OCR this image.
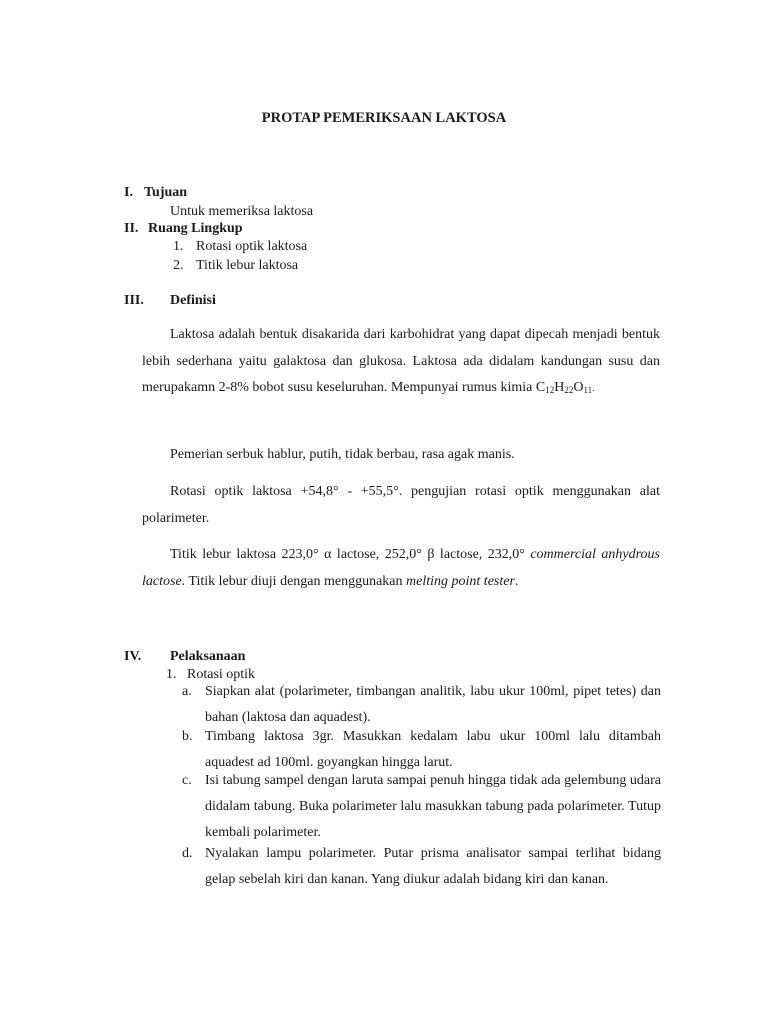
PROTAP PEMERIKSAAN LAKTOSA
I. Tujuan
Untuk memeriksa laktosa
II. Ruang Lingkup
1. Rotasi optik laktosa
2. Titik lebur laktosa
III. Definisi
Laktosa adalah bentuk disakarida dari karbohidrat yang dapat dipecah menjadi bentuk lebih sederhana yaitu galaktosa dan glukosa. Laktosa ada didalam kandungan susu dan merupakamn 2-8% bobot susu keseluruhan. Mempunyai rumus kimia $C_{12}H_{22}O_{11}$.
Pemerian serbuk hablur, putih, tidak berbau, rasa agak manis.
Rotasi optik laktosa +54,8° - +55,5°. pengujian rotasi optik menggunakan alat polarimeter.
Titik lebur laktosa 223,0° α lactose, 252,0° β lactose, 232,0° commercial anhydrous lactose. Titik lebur diuji dengan menggunakan melting point tester.
IV. Pelaksanaan
1. Rotasi optik
a. Siapkan alat (polarimeter, timbangan analitik, labu ukur 100ml, pipet tetes) dan bahan (laktosa dan aquadest).
b. Timbang laktosa 3gr. Masukkan kedalam labu ukur 100ml lalu ditambah aquadest ad 100ml. goyangkan hingga larut.
c. Isi tabung sampel dengan laruta sampai penuh hingga tidak ada gelembung udara didalam tabung. Buka polarimeter lalu masukkan tabung pada polarimeter. Tutup kembali polarimeter.
d. Nyalakan lampu polarimeter. Putar prisma analisator sampai terlihat bidang gelap sebelah kiri dan kanan. Yang diukur adalah bidang kiri dan kanan.
